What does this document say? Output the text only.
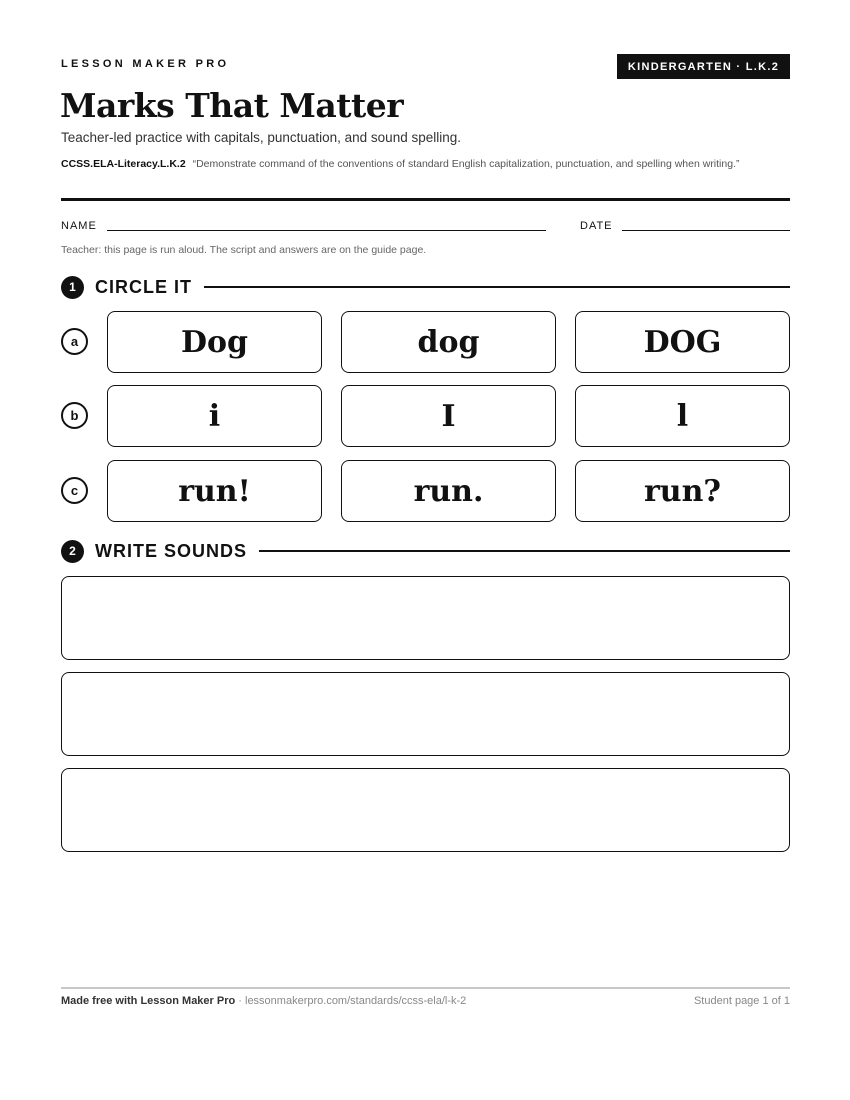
LESSON MAKER PRO	KINDERGARTEN · L.K.2
Marks That Matter
Teacher-led practice with capitals, punctuation, and sound spelling.
CCSS.ELA-Literacy.L.K.2 “Demonstrate command of the conventions of standard English capitalization, punctuation, and spelling when writing.”
NAME	DATE
Teacher: this page is run aloud. The script and answers are on the guide page.
1	CIRCLE IT
a	Dog	dog	DOG
b	i	I	l
c	run!	run.	run?
2	WRITE SOUNDS
Made free with Lesson Maker Pro · lessonmakerpro.com/standards/ccss-ela/l-k-2	Student page 1 of 1
